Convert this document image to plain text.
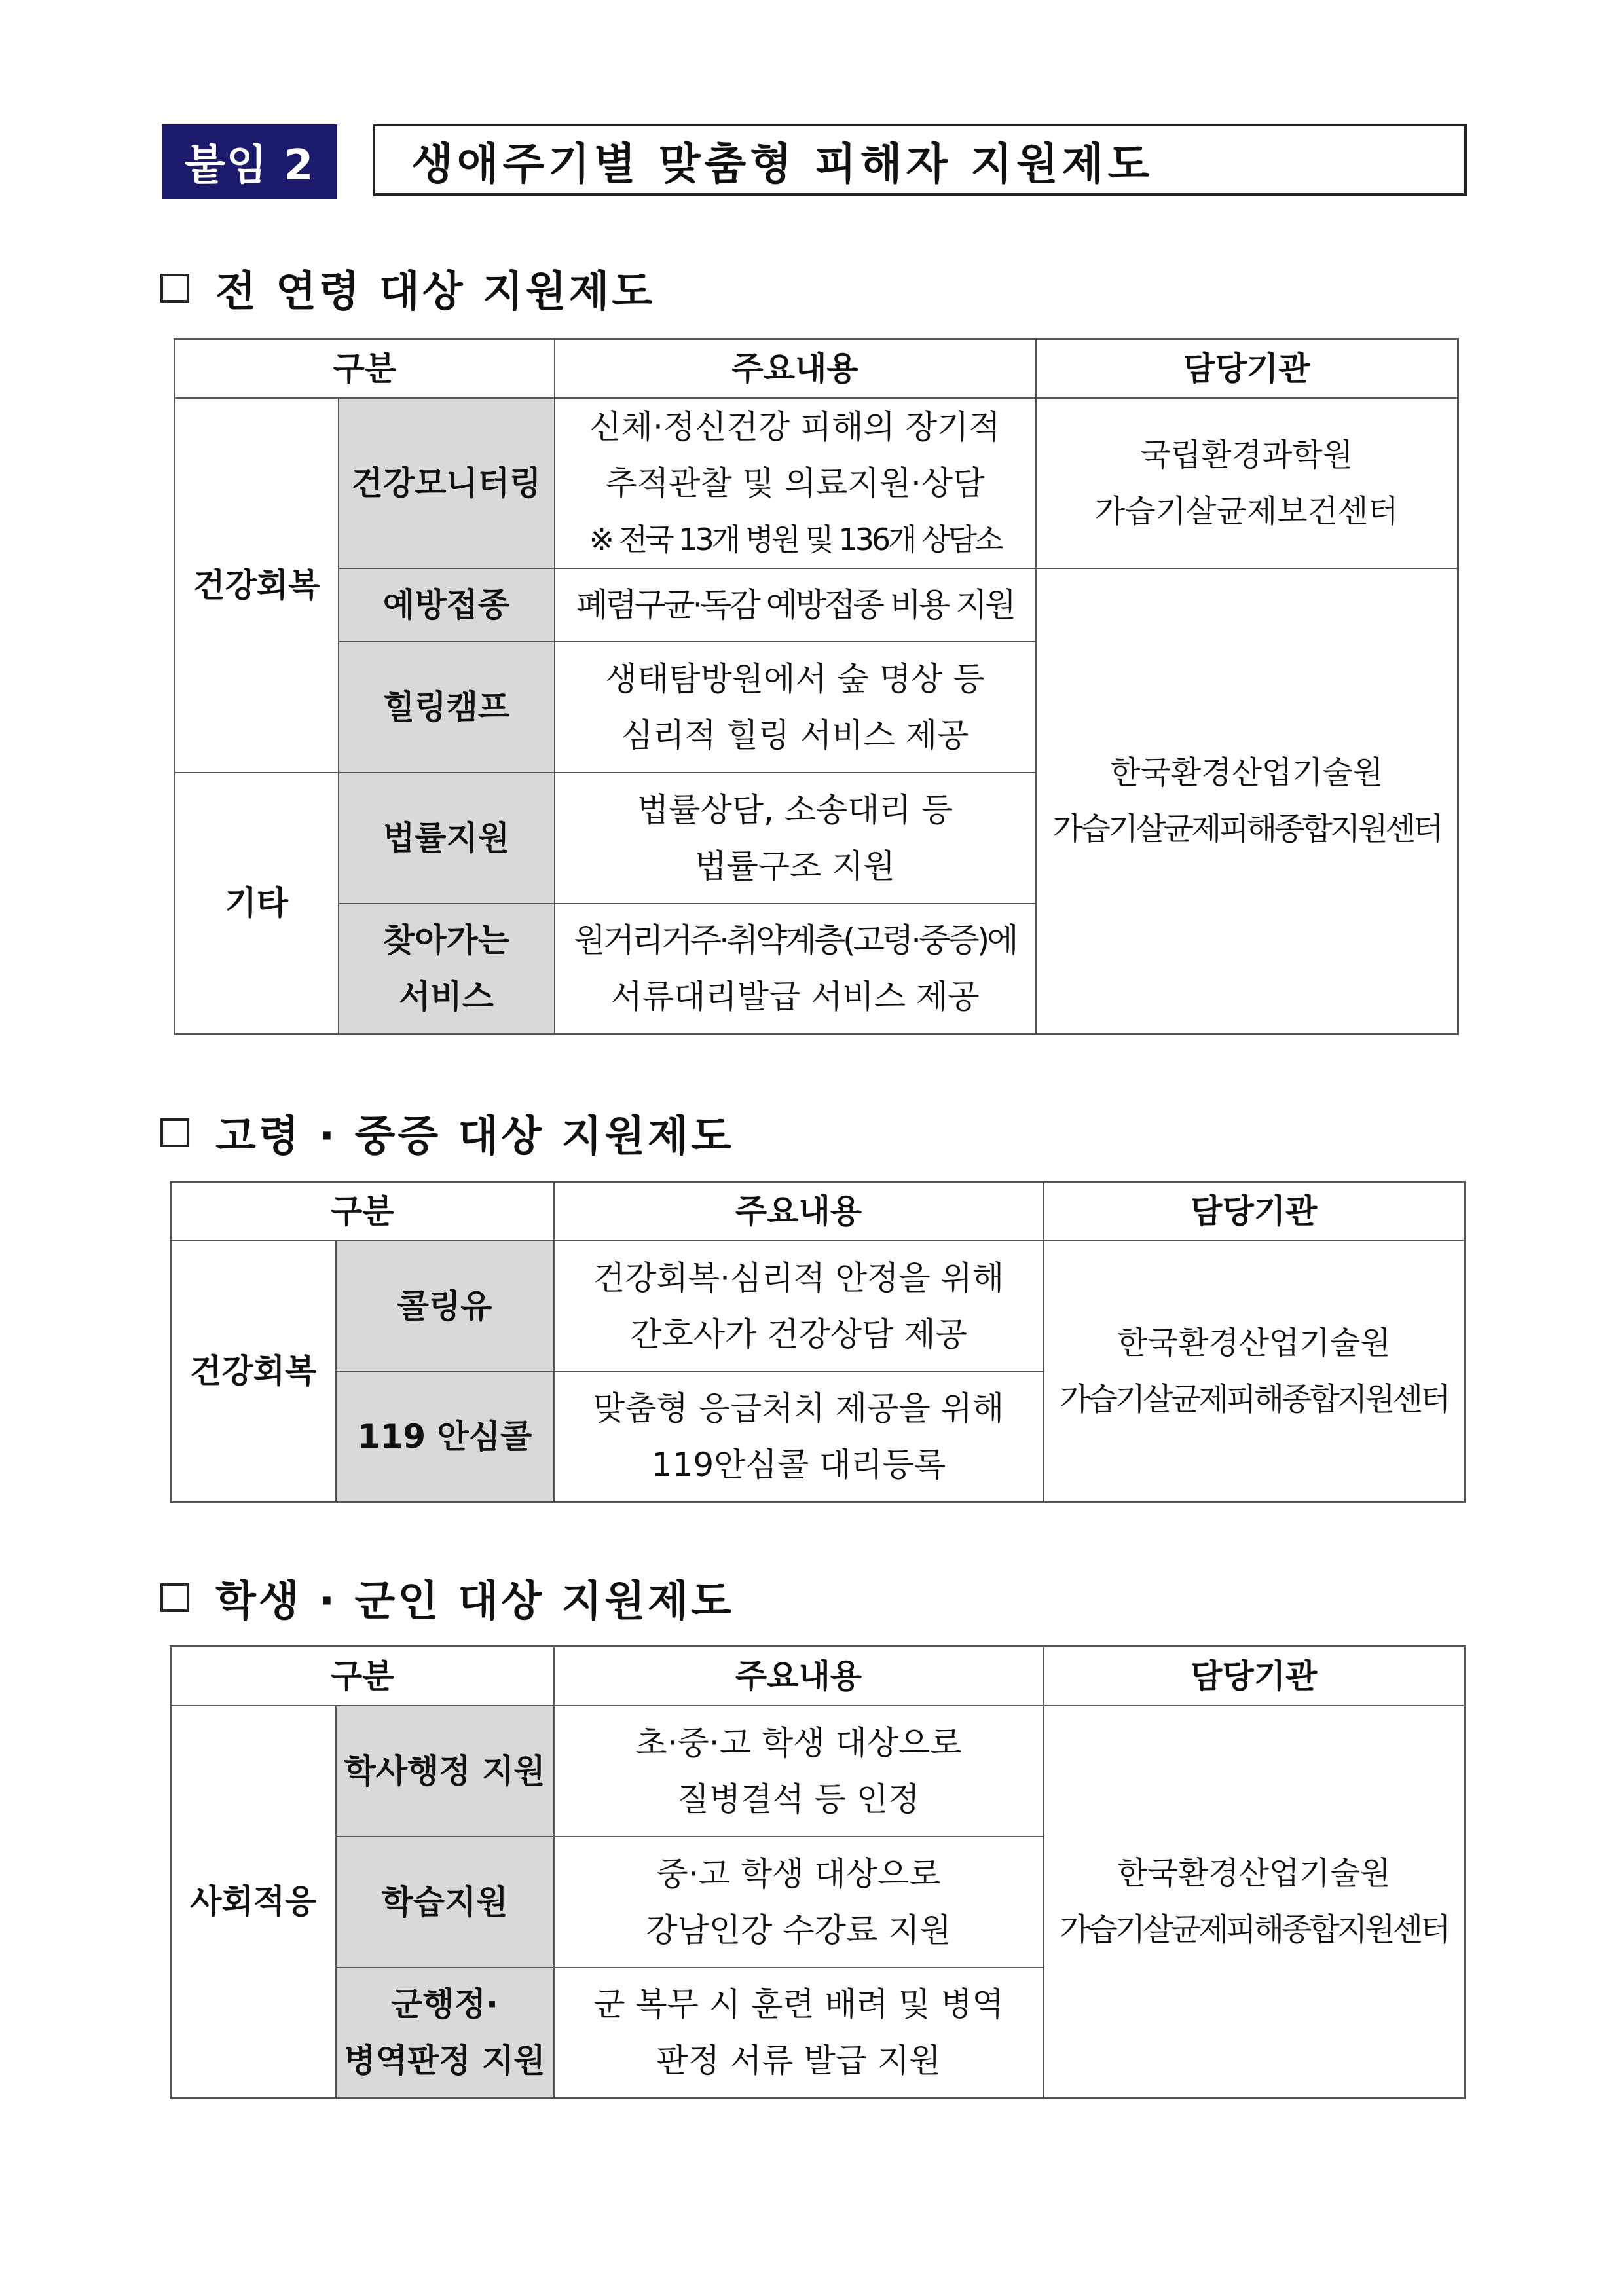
붙임 2	생애주기별 맞춤형 피해자 지원제도
전 연령 대상 지원제도
구분		주요내용	담당기관
건강회복	건강모니터링	신체·정신건강 피해의 장기적
추적관찰 및 의료지원·상담
※ 전국 13개 병원 및 136개 상담소	국립환경과학원
가습기살균제보건센터

	예방접종	폐렴구균·독감 예방접종 비용 지원	한국환경산업기술원
가습기살균제피해종합지원센터

	힐링캠프	생태탐방원에서 숲 명상 등
심리적 힐링 서비스 제공	

기타	법률지원	법률상담, 소송대리 등
법률구조 지원	

	찾아가는
서비스	원거리거주·취약계층(고령·중증)에
서류대리발급 서비스 제공	
고령 · 중증 대상 지원제도
구분		주요내용	담당기관
건강회복	콜링유	건강회복·심리적 안정을 위해
간호사가 건강상담 제공	한국환경산업기술원
가습기살균제피해종합지원센터

	119 안심콜	맞춤형 응급처치 제공을 위해
119안심콜 대리등록	
학생 · 군인 대상 지원제도
구분		주요내용	담당기관
사회적응	학사행정 지원	초·중·고 학생 대상으로
질병결석 등 인정	한국환경산업기술원
가습기살균제피해종합지원센터

	학습지원	중·고 학생 대상으로
강남인강 수강료 지원	

	군행정·
병역판정 지원	군 복무 시 훈련 배려 및 병역
판정 서류 발급 지원	
